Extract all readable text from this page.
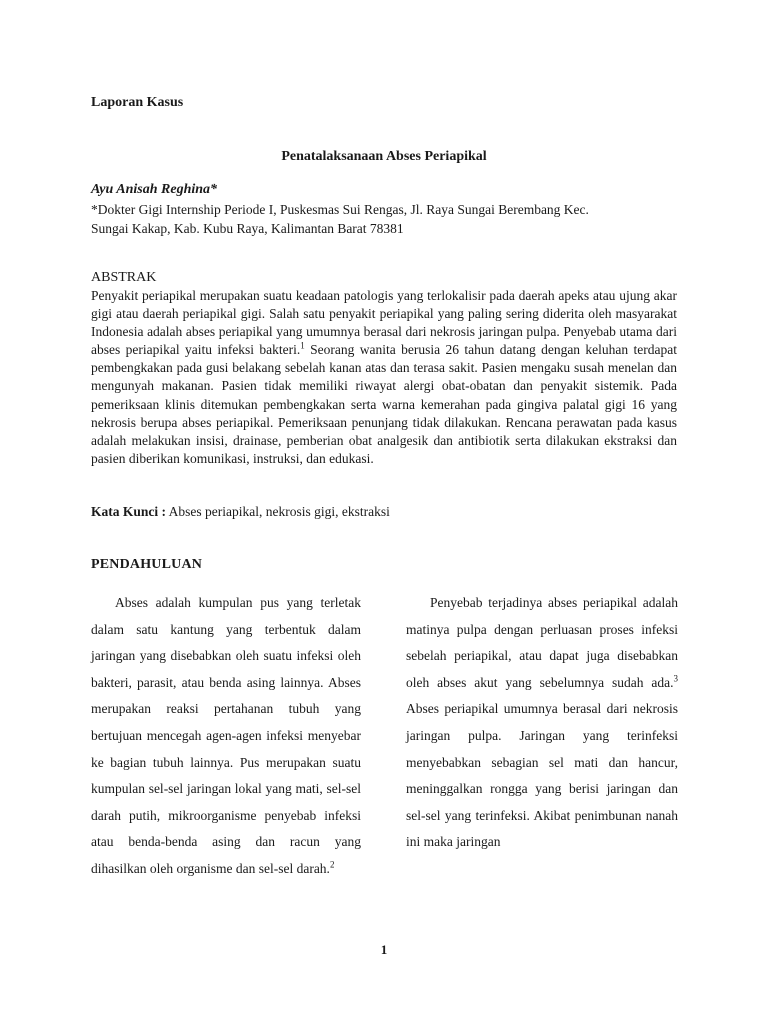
Laporan Kasus
Penatalaksanaan Abses Periapikal
Ayu Anisah Reghina*
*Dokter Gigi Internship Periode I, Puskesmas Sui Rengas, Jl. Raya Sungai Berembang Kec.
Sungai Kakap, Kab. Kubu Raya, Kalimantan Barat 78381
ABSTRAK

Penyakit periapikal merupakan suatu keadaan patologis yang terlokalisir pada daerah apeks atau ujung akar gigi atau daerah periapikal gigi. Salah satu penyakit periapikal yang paling sering diderita oleh masyarakat Indonesia adalah abses periapikal yang umumnya berasal dari nekrosis jaringan pulpa. Penyebab utama dari abses periapikal yaitu infeksi bakteri.$^1$ Seorang wanita berusia 26 tahun datang dengan keluhan terdapat pembengkakan pada gusi belakang sebelah kanan atas dan terasa sakit. Pasien mengaku susah menelan dan mengunyah makanan. Pasien tidak memiliki riwayat alergi obat-obatan dan penyakit sistemik. Pada pemeriksaan klinis ditemukan pembengkakan serta warna kemerahan pada gingiva palatal gigi 16 yang nekrosis berupa abses periapikal. Pemeriksaan penunjang tidak dilakukan. Rencana perawatan pada kasus adalah melakukan insisi, drainase, pemberian obat analgesik dan antibiotik serta dilakukan ekstraksi dan pasien diberikan komunikasi, instruksi, dan edukasi.

Kata Kunci : Abses periapikal, nekrosis gigi, ekstraksi
PENDAHULUAN

Abses adalah kumpulan pus yang terletak dalam satu kantung yang terbentuk dalam jaringan yang disebabkan oleh suatu infeksi oleh bakteri, parasit, atau benda asing lainnya. Abses merupakan reaksi pertahanan tubuh yang bertujuan mencegah agen-agen infeksi menyebar ke bagian tubuh lainnya. Pus merupakan suatu kumpulan sel-sel jaringan lokal yang mati, sel-sel darah putih, mikroorganisme penyebab infeksi atau benda-benda asing dan racun yang dihasilkan oleh organisme dan sel-sel darah.$^2$

Penyebab terjadinya abses periapikal adalah matinya pulpa dengan perluasan proses infeksi sebelah periapikal, atau dapat juga disebabkan oleh abses akut yang sebelumnya sudah ada.$^3$ Abses periapikal umumnya berasal dari nekrosis jaringan pulpa. Jaringan yang terinfeksi menyebabkan sebagian sel mati dan hancur, meninggalkan rongga yang berisi jaringan dan sel-sel yang terinfeksi. Akibat penimbunan nanah ini maka jaringan

1
